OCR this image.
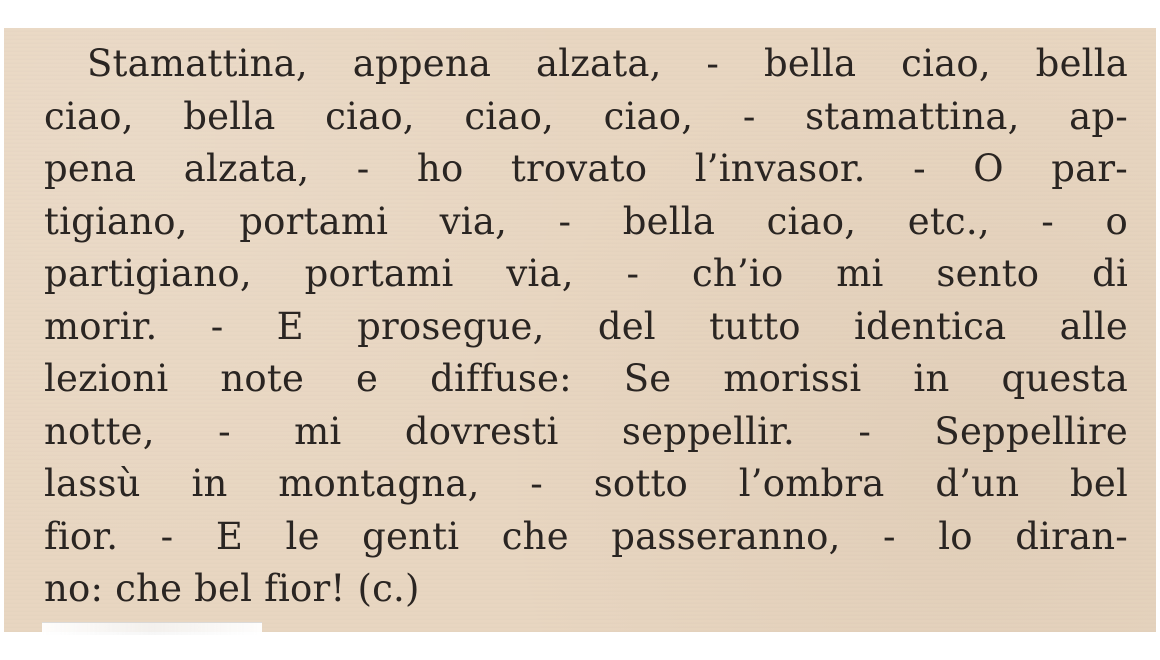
Stamattina, appena alzata, - bella ciao, bella
ciao, bella ciao, ciao, ciao, - stamattina, ap-
pena alzata, - ho trovato l’invasor. - O par-
tigiano, portami via, - bella ciao, etc., - o
partigiano, portami via, - ch’io mi sento di
morir. - E prosegue, del tutto identica alle
lezioni note e diffuse: Se morissi in questa
notte, - mi dovresti seppellir. - Seppellire
lassù in montagna, - sotto l’ombra d’un bel
fior. - E le genti che passeranno, - lo diran-
no: che bel fior! (c.)
